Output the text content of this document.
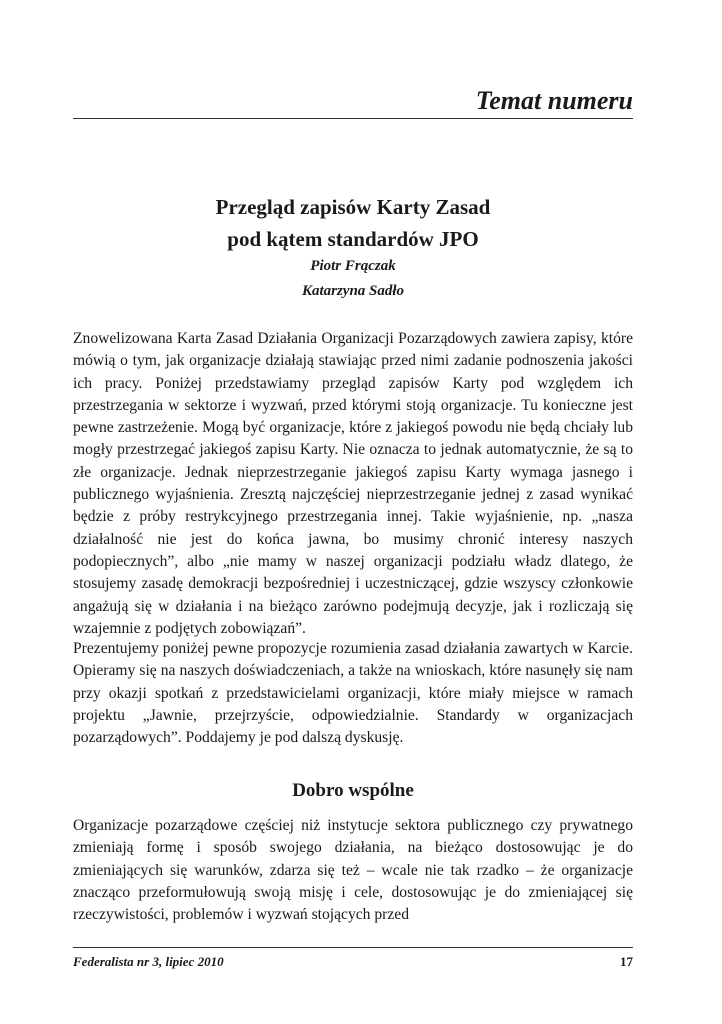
Temat numeru
Przegląd zapisów Karty Zasad
pod kątem standardów JPO
Piotr Frączak
Katarzyna Sadło

Znowelizowana Karta Zasad Działania Organizacji Pozarządowych zawiera zapisy, które mówią o tym, jak organizacje działają stawiając przed nimi zadanie podnoszenia jakości ich pracy. Poniżej przedstawiamy przegląd zapisów Karty pod względem ich przestrzegania w sektorze i wyzwań, przed którymi stoją organizacje. Tu konieczne jest pewne zastrzeżenie. Mogą być organizacje, które z jakiegoś powodu nie będą chciały lub mogły przestrzegać jakiegoś zapisu Karty. Nie oznacza to jednak automatycznie, że są to złe organizacje. Jednak nieprzestrzeganie jakiegoś zapisu Karty wymaga jasnego i publicznego wyjaśnienia. Zresztą najczęściej nieprzestrzeganie jednej z zasad wynikać będzie z próby restrykcyjnego przestrzegania innej. Takie wyjaśnienie, np. „nasza działalność nie jest do końca jawna, bo musimy chronić interesy naszych podopiecznych”, albo „nie mamy w naszej organizacji podziału władz dlatego, że stosujemy zasadę demokracji bezpośredniej i uczestniczącej, gdzie wszyscy członkowie angażują się w działania i na bieżąco zarówno podejmują decyzje, jak i rozliczają się wzajemnie z podjętych zobowiązań”.

Prezentujemy poniżej pewne propozycje rozumienia zasad działania zawartych w Karcie. Opieramy się na naszych doświadczeniach, a także na wnioskach, które nasunęły się nam przy okazji spotkań z przedstawicielami organizacji, które miały miejsce w ramach projektu „Jawnie, przejrzyście, odpowiedzialnie. Standardy w organizacjach pozarządowych”. Poddajemy je pod dalszą dyskusję.

Dobro wspólne

Organizacje pozarządowe częściej niż instytucje sektora publicznego czy prywatnego zmieniają formę i sposób swojego działania, na bieżąco dostosowując je do zmieniających się warunków, zdarza się też – wcale nie tak rzadko – że organizacje znacząco przeformułowują swoją misję i cele, dostosowując je do zmieniającej się rzeczywistości, problemów i wyzwań stojących przed

Federalista nr 3, lipiec 2010	17
